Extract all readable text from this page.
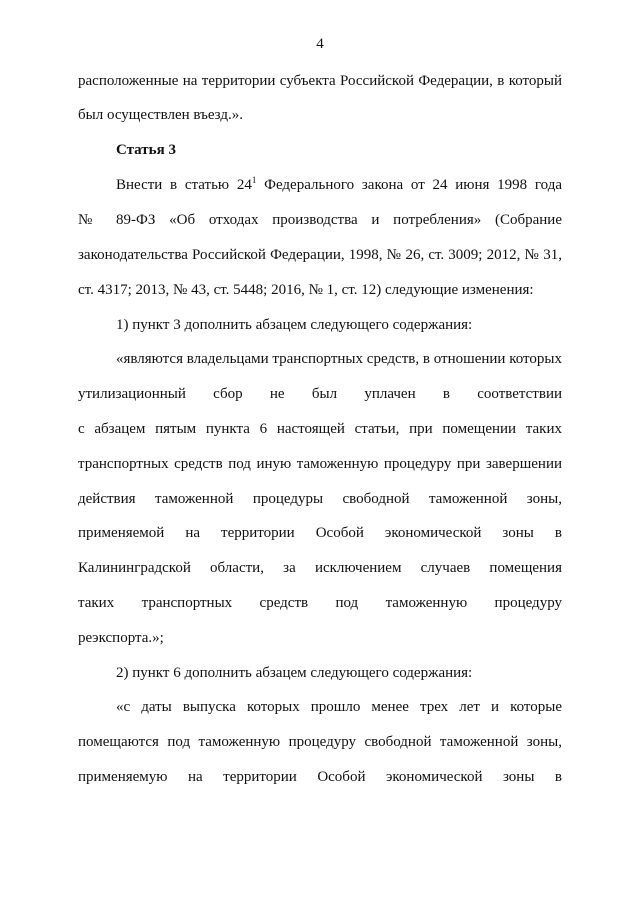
4
расположенные на территории субъекта Российской Федерации, в который
был осуществлен въезд.».
Статья 3
Внести в статью $24^1$ Федерального закона от 24 июня 1998 года
№ 89-ФЗ «Об отходах производства и потребления» (Собрание
законодательства Российской Федерации, 1998, № 26, ст. 3009; 2012, № 31,
ст. 4317; 2013, № 43, ст. 5448; 2016, № 1, ст. 12) следующие изменения:
1) пункт 3 дополнить абзацем следующего содержания:
«являются владельцами транспортных средств, в отношении которых
утилизационный сбор не был уплачен в соответствии
с абзацем пятым пункта 6 настоящей статьи, при помещении таких
транспортных средств под иную таможенную процедуру при завершении
действия таможенной процедуры свободной таможенной зоны,
применяемой на территории Особой экономической зоны в
Калининградской области, за исключением случаев помещения
таких транспортных средств под таможенную процедуру
реэкспорта.»;
2) пункт 6 дополнить абзацем следующего содержания:
«с даты выпуска которых прошло менее трех лет и которые
помещаются под таможенную процедуру свободной таможенной зоны,
применяемую на территории Особой экономической зоны в
